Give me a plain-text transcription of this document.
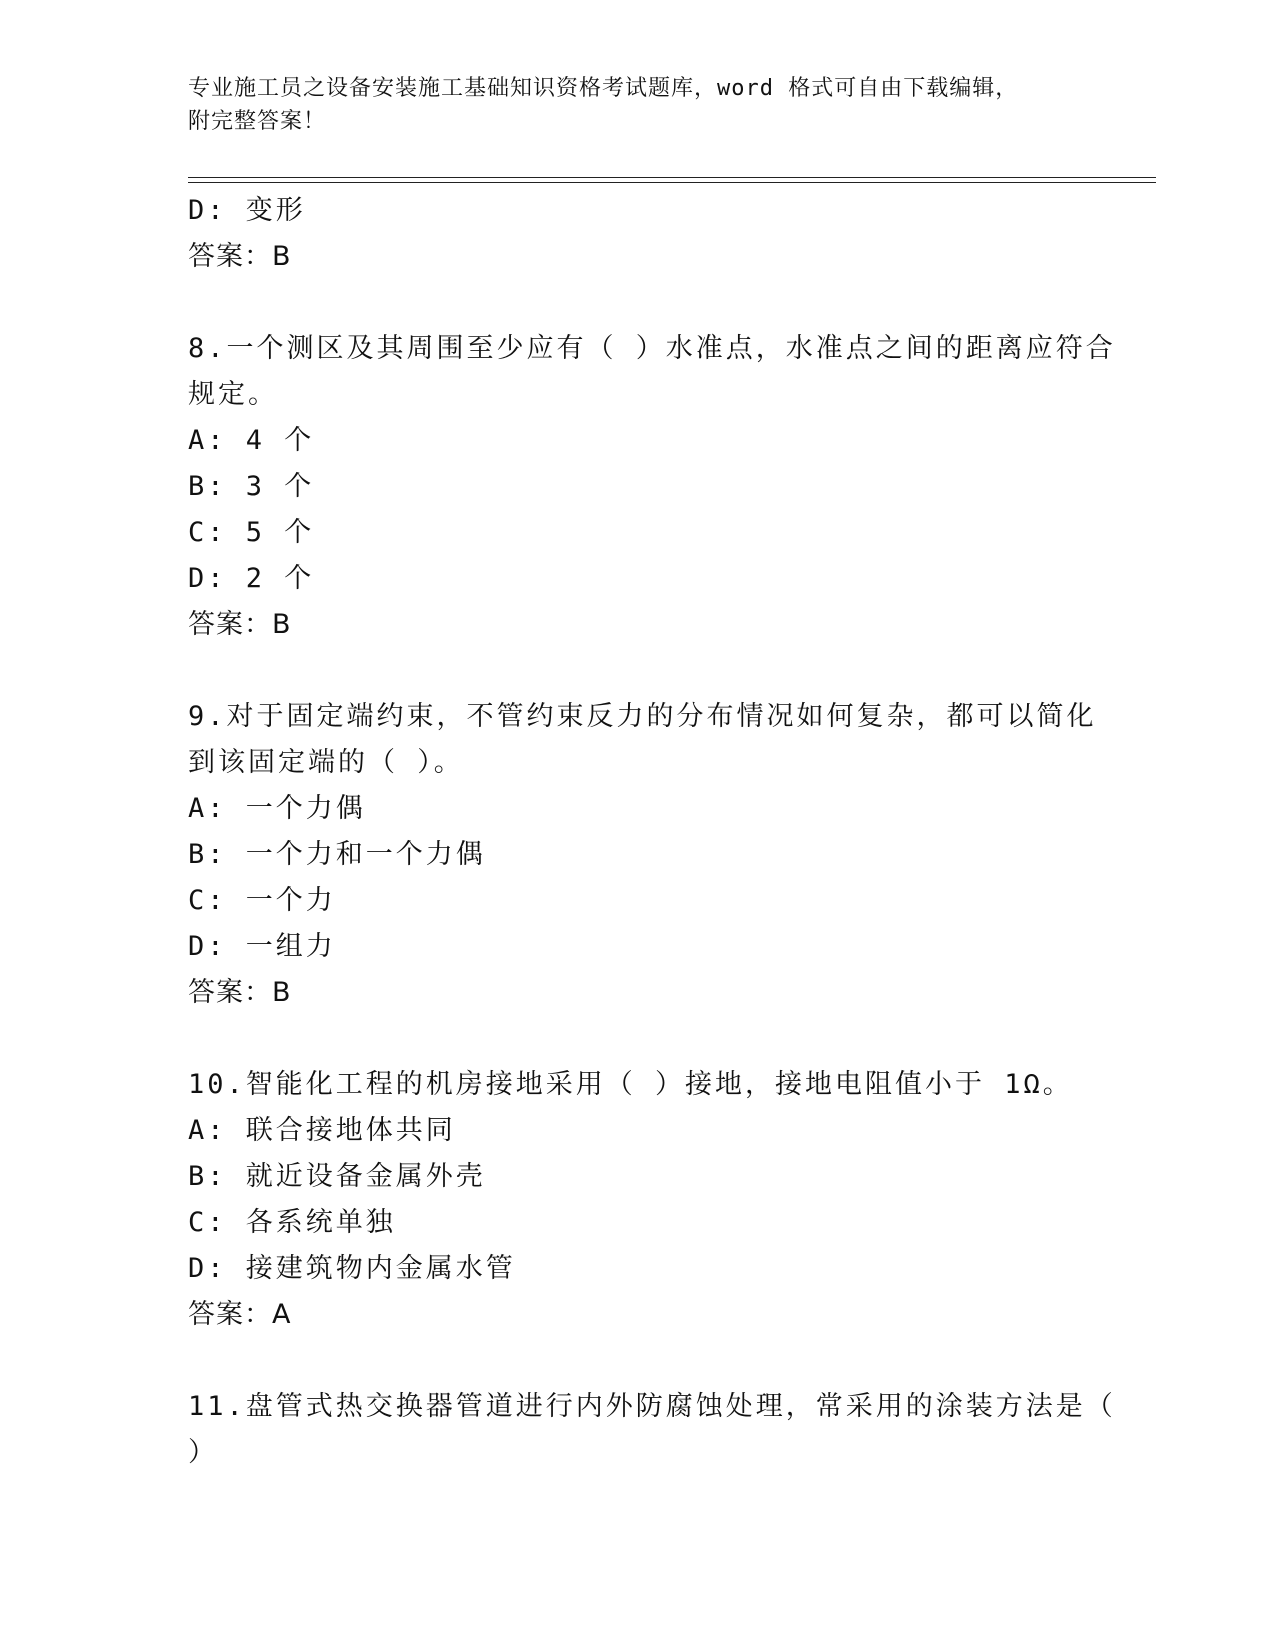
专业施工员之设备安装施工基础知识资格考试题库，word 格式可自由下载编辑，
附完整答案！
D: 变形
答案：B
8.一个测区及其周围至少应有（ ）水准点，水准点之间的距离应符合
规定。
A: 4 个
B: 3 个
C: 5 个
D: 2 个
答案：B
9.对于固定端约束，不管约束反力的分布情况如何复杂，都可以简化
到该固定端的（ ）。
A: 一个力偶
B: 一个力和一个力偶
C: 一个力
D: 一组力
答案：B
10.智能化工程的机房接地采用（ ）接地，接地电阻值小于 1Ω。
A: 联合接地体共同
B: 就近设备金属外壳
C: 各系统单独
D: 接建筑物内金属水管
答案：A
11.盘管式热交换器管道进行内外防腐蚀处理，常采用的涂装方法是（
）
